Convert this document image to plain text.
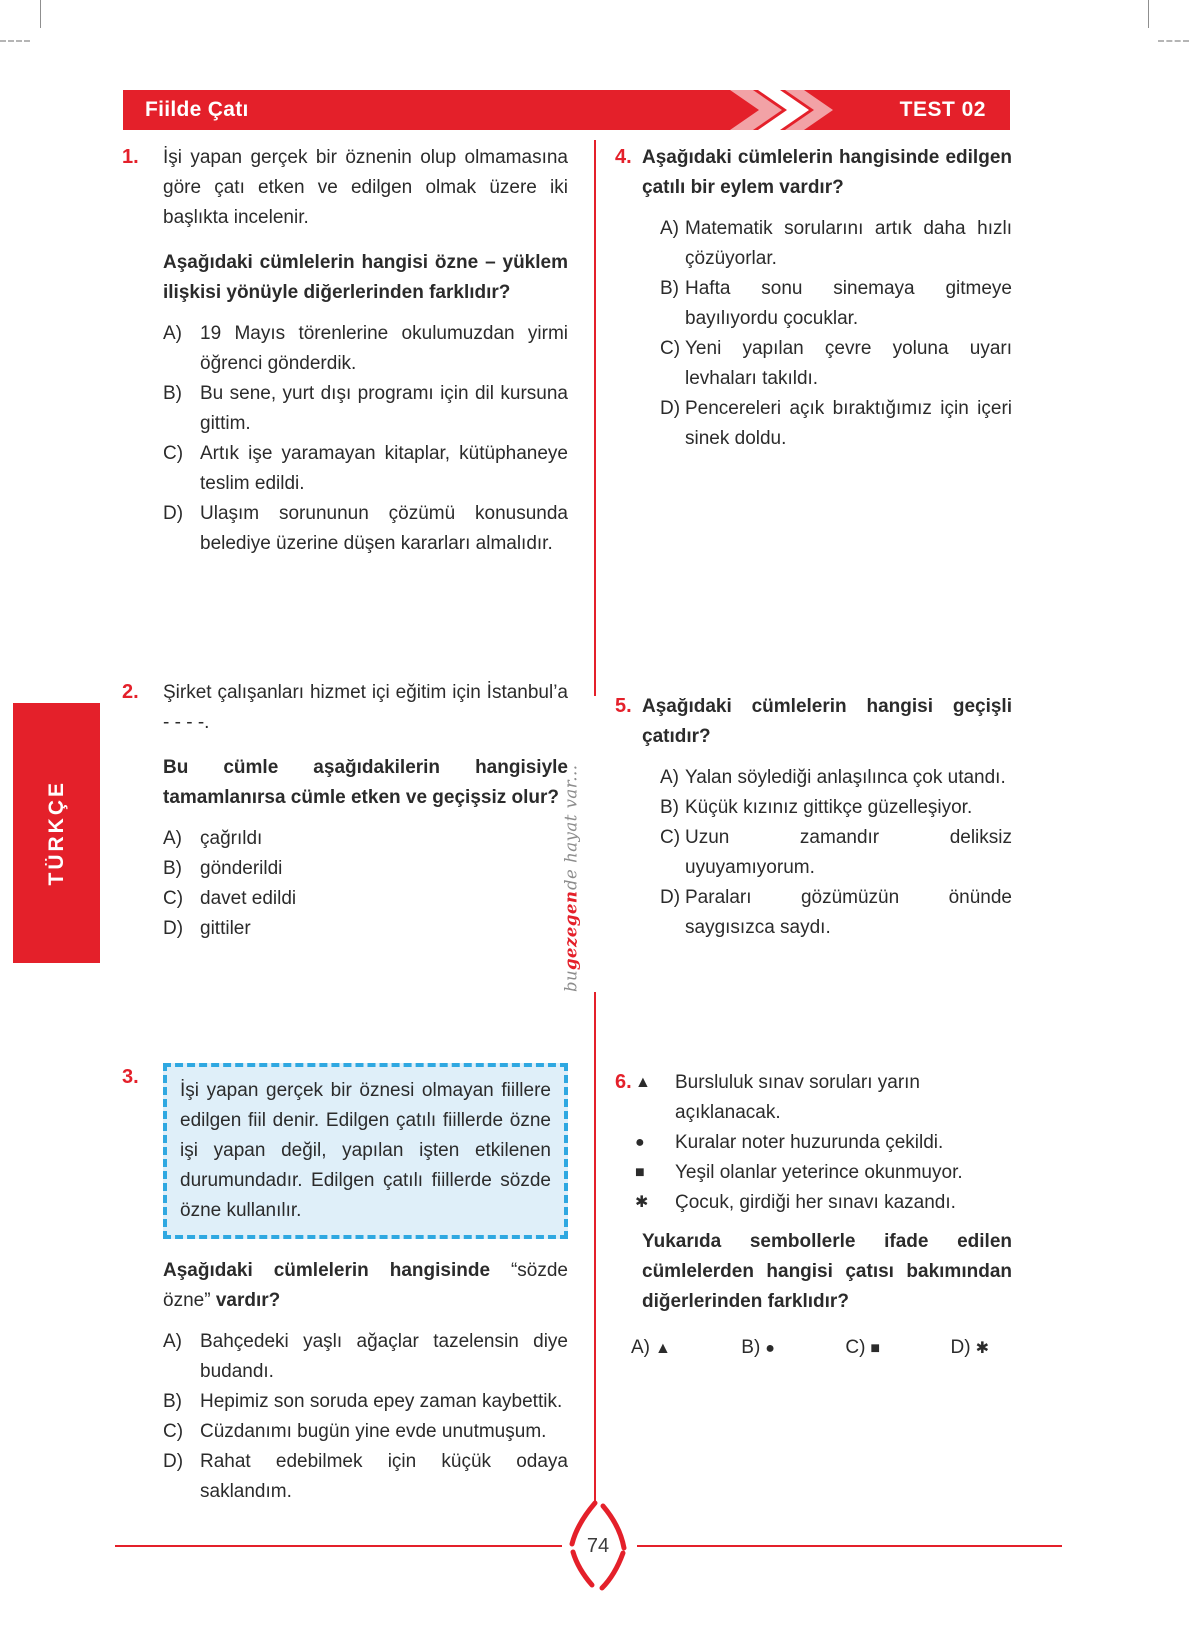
Fiilde Çatı	TEST 02
TÜRKÇE
bu
gezegen
de hayat var...
1. İşi yapan gerçek bir öznenin olup olmamasına göre çatı etken ve edilgen olmak üzere iki başlıkta incelenir.

Aşağıdaki cümlelerin hangisi özne – yüklem ilişkisi yönüyle diğerlerinden farklıdır?

A) 19 Mayıs törenlerine okulumuzdan yirmi öğrenci gönderdik.
B) Bu sene, yurt dışı programı için dil kursuna gittim.
C) Artık işe yaramayan kitaplar, kütüphaneye teslim edildi.
D) Ulaşım sorununun çözümü konusunda belediye üzerine düşen kararları almalıdır.
2. Şirket çalışanları hizmet içi eğitim için İstanbul’a - - - -.

Bu cümle aşağıdakilerin hangisiyle tamamlanırsa cümle etken ve geçişsiz olur?

A) çağrıldı
B) gönderildi
C) davet edildi
D) gittiler
3.
İşi yapan gerçek bir öznesi olmayan fiillere edilgen fiil denir. Edilgen çatılı fiillerde özne işi yapan değil, yapılan işten etkilenen durumundadır. Edilgen çatılı fiillerde sözde özne kullanılır.

Aşağıdaki cümlelerin hangisinde “sözde özne” vardır?

A) Bahçedeki yaşlı ağaçlar tazelensin diye budandı.
B) Hepimiz son soruda epey zaman kaybettik.
C) Cüzdanımı bugün yine evde unutmuşum.
D) Rahat edebilmek için küçük odaya saklandım.
4. Aşağıdaki cümlelerin hangisinde edilgen çatılı bir eylem vardır?

A) Matematik sorularını artık daha hızlı çözüyorlar.
B) Hafta sonu sinemaya gitmeye bayılıyordu çocuklar.
C) Yeni yapılan çevre yoluna uyarı levhaları takıldı.
D) Pencereleri açık bıraktığımız için içeri sinek doldu.
5. Aşağıdaki cümlelerin hangisi geçişli çatıdır?

A) Yalan söylediği anlaşılınca çok utandı.
B) Küçük kızınız gittikçe güzelleşiyor.
C) Uzun zamandır deliksiz uyuyamıyorum.
D) Paraları gözümüzün önünde saygısızca saydı.
6. ▲	Bursluluk sınav soruları yarın açıklanacak.
●	Kuralar noter huzurunda çekildi.
■	Yeşil olanlar yeterince okunmuyor.
✱	Çocuk, girdiği her sınavı kazandı.

Yukarıda sembollerle ifade edilen cümlelerden hangisi çatısı bakımından diğerlerinden farklıdır?

A) ▲	B) ●	C) ■	D) ✱
74
